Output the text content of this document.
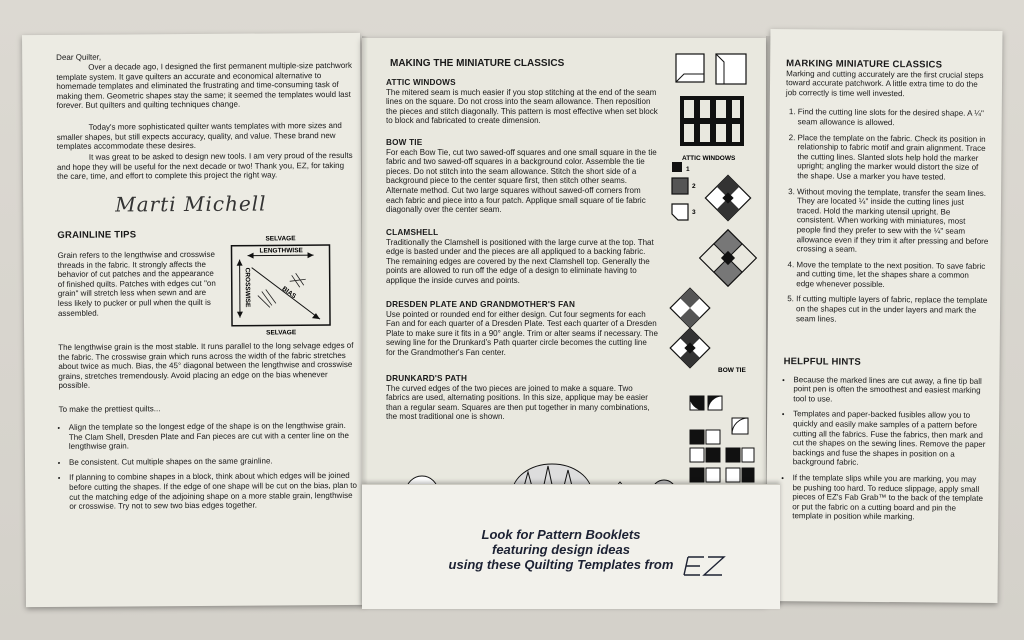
Dear Quilter,
Over a decade ago, I designed the first permanent multiple-size patchwork template system. It gave quilters an accurate and economical alternative to homemade templates and eliminated the frustrating and time-consuming task of making them. Geometric shapes stay the same; it seemed the templates would last forever. But quilters and quilting techniques change.
Today's more sophisticated quilter wants templates with more sizes and smaller shapes, but still expects accuracy, quality, and value. These brand new templates accommodate these desires.
It was great to be asked to design new tools. I am very proud of the results and hope they will be useful for the next decade or two! Thank you, EZ, for taking the care, time, and effort to complete this project the right way.
Marti Michell
GRAINLINE TIPS
Grain refers to the lengthwise and crosswise threads in the fabric. It strongly affects the behavior of cut patches and the appearance of finished quilts. Patches with edges cut "on grain" will stretch less when sewn and are less likely to pucker or pull when the quilt is assembled.
SELVAGE
LENGTHWISE
CROSSWISE	BIAS
SELVAGE
The lengthwise grain is the most stable. It runs parallel to the long selvage edges of the fabric. The crosswise grain which runs across the width of the fabric stretches about twice as much. Bias, the 45° diagonal between the lengthwise and crosswise grains, stretches tremendously. Avoid placing an edge on the bias whenever possible.
To make the prettiest quilts...
• Align the template so the longest edge of the shape is on the lengthwise grain. The Clam Shell, Dresden Plate and Fan pieces are cut with a center line on the lengthwise grain.
• Be consistent. Cut multiple shapes on the same grainline.
• If planning to combine shapes in a block, think about which edges will be joined before cutting the shapes. If the edge of one shape will be cut on the bias, plan to cut the matching edge of the adjoining shape on a more stable grain, lengthwise or crosswise. Try not to sew two bias edges together.
MAKING THE MINIATURE CLASSICS
ATTIC WINDOWS
The mitered seam is much easier if you stop stitching at the end of the seam lines on the square. Do not cross into the seam allowance. Then reposition the pieces and stitch diagonally. This pattern is most effective when set block to block and fabricated to create dimension.
BOW TIE
For each Bow Tie, cut two sawed-off squares and one small square in the tie fabric and two sawed-off squares in a background color. Assemble the tie pieces. Do not stitch into the seam allowance. Stitch the short side of a background piece to the center square first, then stitch other seams. Alternate method. Cut two large squares without sawed-off corners from each fabric and piece into a four patch. Applique small square of tie fabric diagonally over the center seam.
CLAMSHELL
Traditionally the Clamshell is positioned with the large curve at the top. That edge is basted under and the pieces are all appliqued to a backing fabric. The remaining edges are covered by the next Clamshell top. Generally the points are allowed to run off the edge of a design to eliminate having to applique the inside curves and points.
DRESDEN PLATE AND GRANDMOTHER'S FAN
Use pointed or rounded end for either design. Cut four segments for each Fan and for each quarter of a Dresden Plate. Test each quarter of a Dresden Plate to make sure it fits in a 90° angle. Trim or alter seams if necessary. The sewing line for the Drunkard's Path quarter circle becomes the cutting line for the Grandmother's Fan center.
DRUNKARD'S PATH
The curved edges of the two pieces are joined to make a square. Two fabrics are used, alternating positions. In this size, applique may be easier than a regular seam. Squares are then put together in many combinations, the most traditional one is shown.
ATTIC WINDOWS
1
2
3
BOW TIE
MARKING MINIATURE CLASSICS
Marking and cutting accurately are the first crucial steps toward accurate patchwork. A little extra time to do the job correctly is time well invested.
1. Find the cutting line slots for the desired shape. A ¼" seam allowance is allowed.
2. Place the template on the fabric. Check its position in relationship to fabric motif and grain alignment. Trace the cutting lines. Slanted slots help hold the marker upright; angling the marker would distort the size of the shape. Use a marker you have tested.
3. Without moving the template, transfer the seam lines. They are located ¼" inside the cutting lines just traced. Hold the marking utensil upright. Be consistent. When working with miniatures, most people find they prefer to sew with the ¼" seam allowance even if they trim it after pressing and before crossing a seam.
4. Move the template to the next position. To save fabric and cutting time, let the shapes share a common edge whenever possible.
5. If cutting multiple layers of fabric, replace the template on the shapes cut in the under layers and mark the seam lines.
HELPFUL HINTS
• Because the marked lines are cut away, a fine tip ball point pen is often the smoothest and easiest marking tool to use.
• Templates and paper-backed fusibles allow you to quickly and easily make samples of a pattern before cutting all the fabrics. Fuse the fabrics, then mark and cut the shapes on the sewing lines. Remove the paper backings and fuse the shapes in position on a background fabric.
• If the template slips while you are marking, you may be pushing too hard. To reduce slippage, apply small pieces of EZ's Fab Grab™ to the back of the template or put the fabric on a cutting board and pin the template in position while marking.
Look for Pattern Booklets
featuring design ideas
using these Quilting Templates from
EZ
